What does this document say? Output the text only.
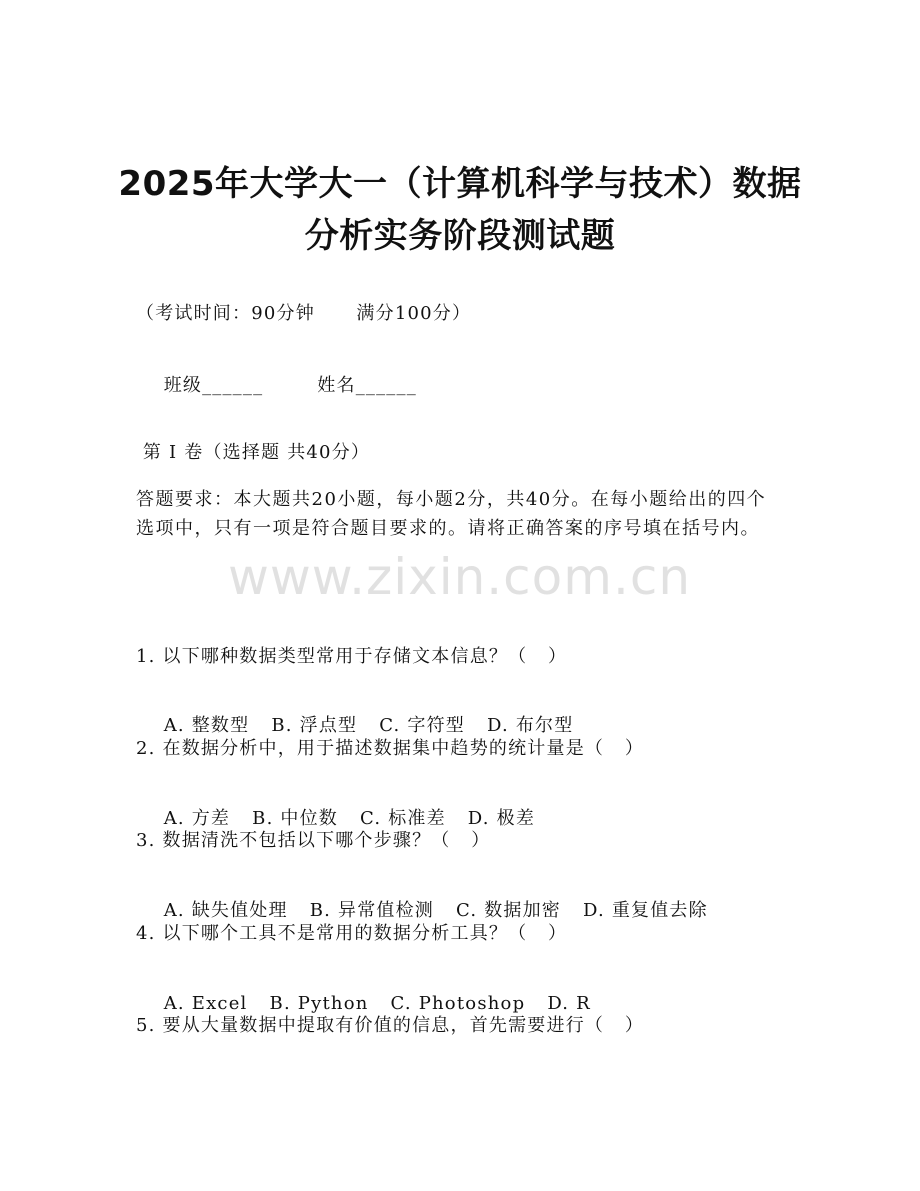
2025年大学大一（计算机科学与技术）数据
分析实务阶段测试题
（考试时间：90分钟      满分100分）

班级______	姓名______

第 I 卷（选择题 共40分）
答题要求：本大题共20小题，每小题2分，共40分。在每小题给出的四个选项中，只有一项是符合题目要求的。请将正确答案的序号填在括号内。
www.zixin.com.cn
1. 以下哪种数据类型常用于存储文本信息？（   ）

A. 整数型 B. 浮点型 C. 字符型 D. 布尔型

2. 在数据分析中，用于描述数据集中趋势的统计量是（   ）

A. 方差 B. 中位数 C. 标准差 D. 极差

3. 数据清洗不包括以下哪个步骤？（   ）

A. 缺失值处理 B. 异常值检测 C. 数据加密 D. 重复值去除

4. 以下哪个工具不是常用的数据分析工具？（   ）

A. Excel B. Python C. Photoshop D. R

5. 要从大量数据中提取有价值的信息，首先需要进行（   ）
